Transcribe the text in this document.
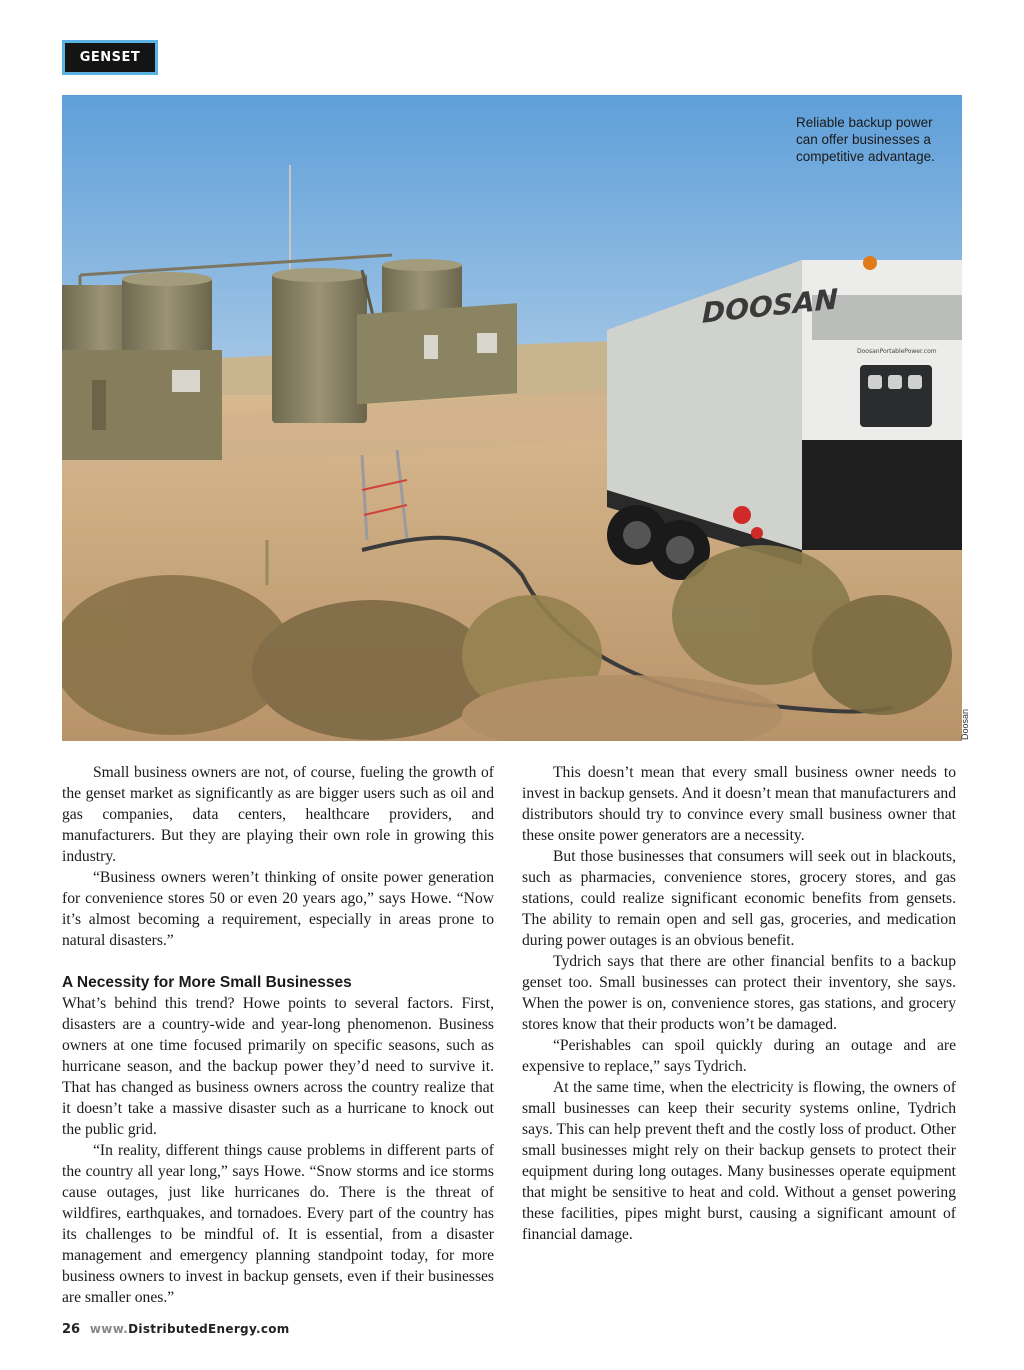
GENSET
DOOSAN
DoosanPortablePower.com
Reliable backup power can offer businesses a competitive advantage.
Doosan

Small business owners are not, of course, fueling the growth of the genset market as significantly as are bigger users such as oil and gas companies, data centers, healthcare providers, and manufacturers. But they are playing their own role in growing this industry.

“Business owners weren’t thinking of onsite power generation for convenience stores 50 or even 20 years ago,” says Howe. “Now it’s almost becoming a requirement, especially in areas prone to natural disasters.”

A Necessity for More Small Businesses

What’s behind this trend? Howe points to several factors. First, disasters are a country-wide and year-long phenomenon. Business owners at one time focused primarily on specific seasons, such as hurricane season, and the backup power they’d need to survive it. That has changed as business owners across the country realize that it doesn’t take a massive disaster such as a hurricane to knock out the public grid.

“In reality, different things cause problems in different parts of the country all year long,” says Howe. “Snow storms and ice storms cause outages, just like hurricanes do. There is the threat of wildfires, earthquakes, and tornadoes. Every part of the country has its challenges to be mindful of. It is essential, from a disaster management and emergency planning standpoint today, for more business owners to invest in backup gensets, even if their businesses are smaller ones.”

This doesn’t mean that every small business owner needs to invest in backup gensets. And it doesn’t mean that manufacturers and distributors should try to convince every small business owner that these onsite power generators are a necessity.

But those businesses that consumers will seek out in blackouts, such as pharmacies, convenience stores, grocery stores, and gas stations, could realize significant economic benefits from gensets. The ability to remain open and sell gas, groceries, and medication during power outages is an obvious benefit.

Tydrich says that there are other financial benfits to a backup genset too. Small businesses can protect their inventory, she says. When the power is on, convenience stores, gas stations, and grocery stores know that their products won’t be damaged.

“Perishables can spoil quickly during an outage and are expensive to replace,” says Tydrich.

At the same time, when the electricity is flowing, the owners of small businesses can keep their security systems online, Tydrich says. This can help prevent theft and the costly loss of product. Other small businesses might rely on their backup gensets to protect their equipment during long outages. Many businesses operate equipment that might be sensitive to heat and cold. Without a genset powering these facilities, pipes might burst, causing a significant amount of financial damage.

26 www.DistributedEnergy.com
